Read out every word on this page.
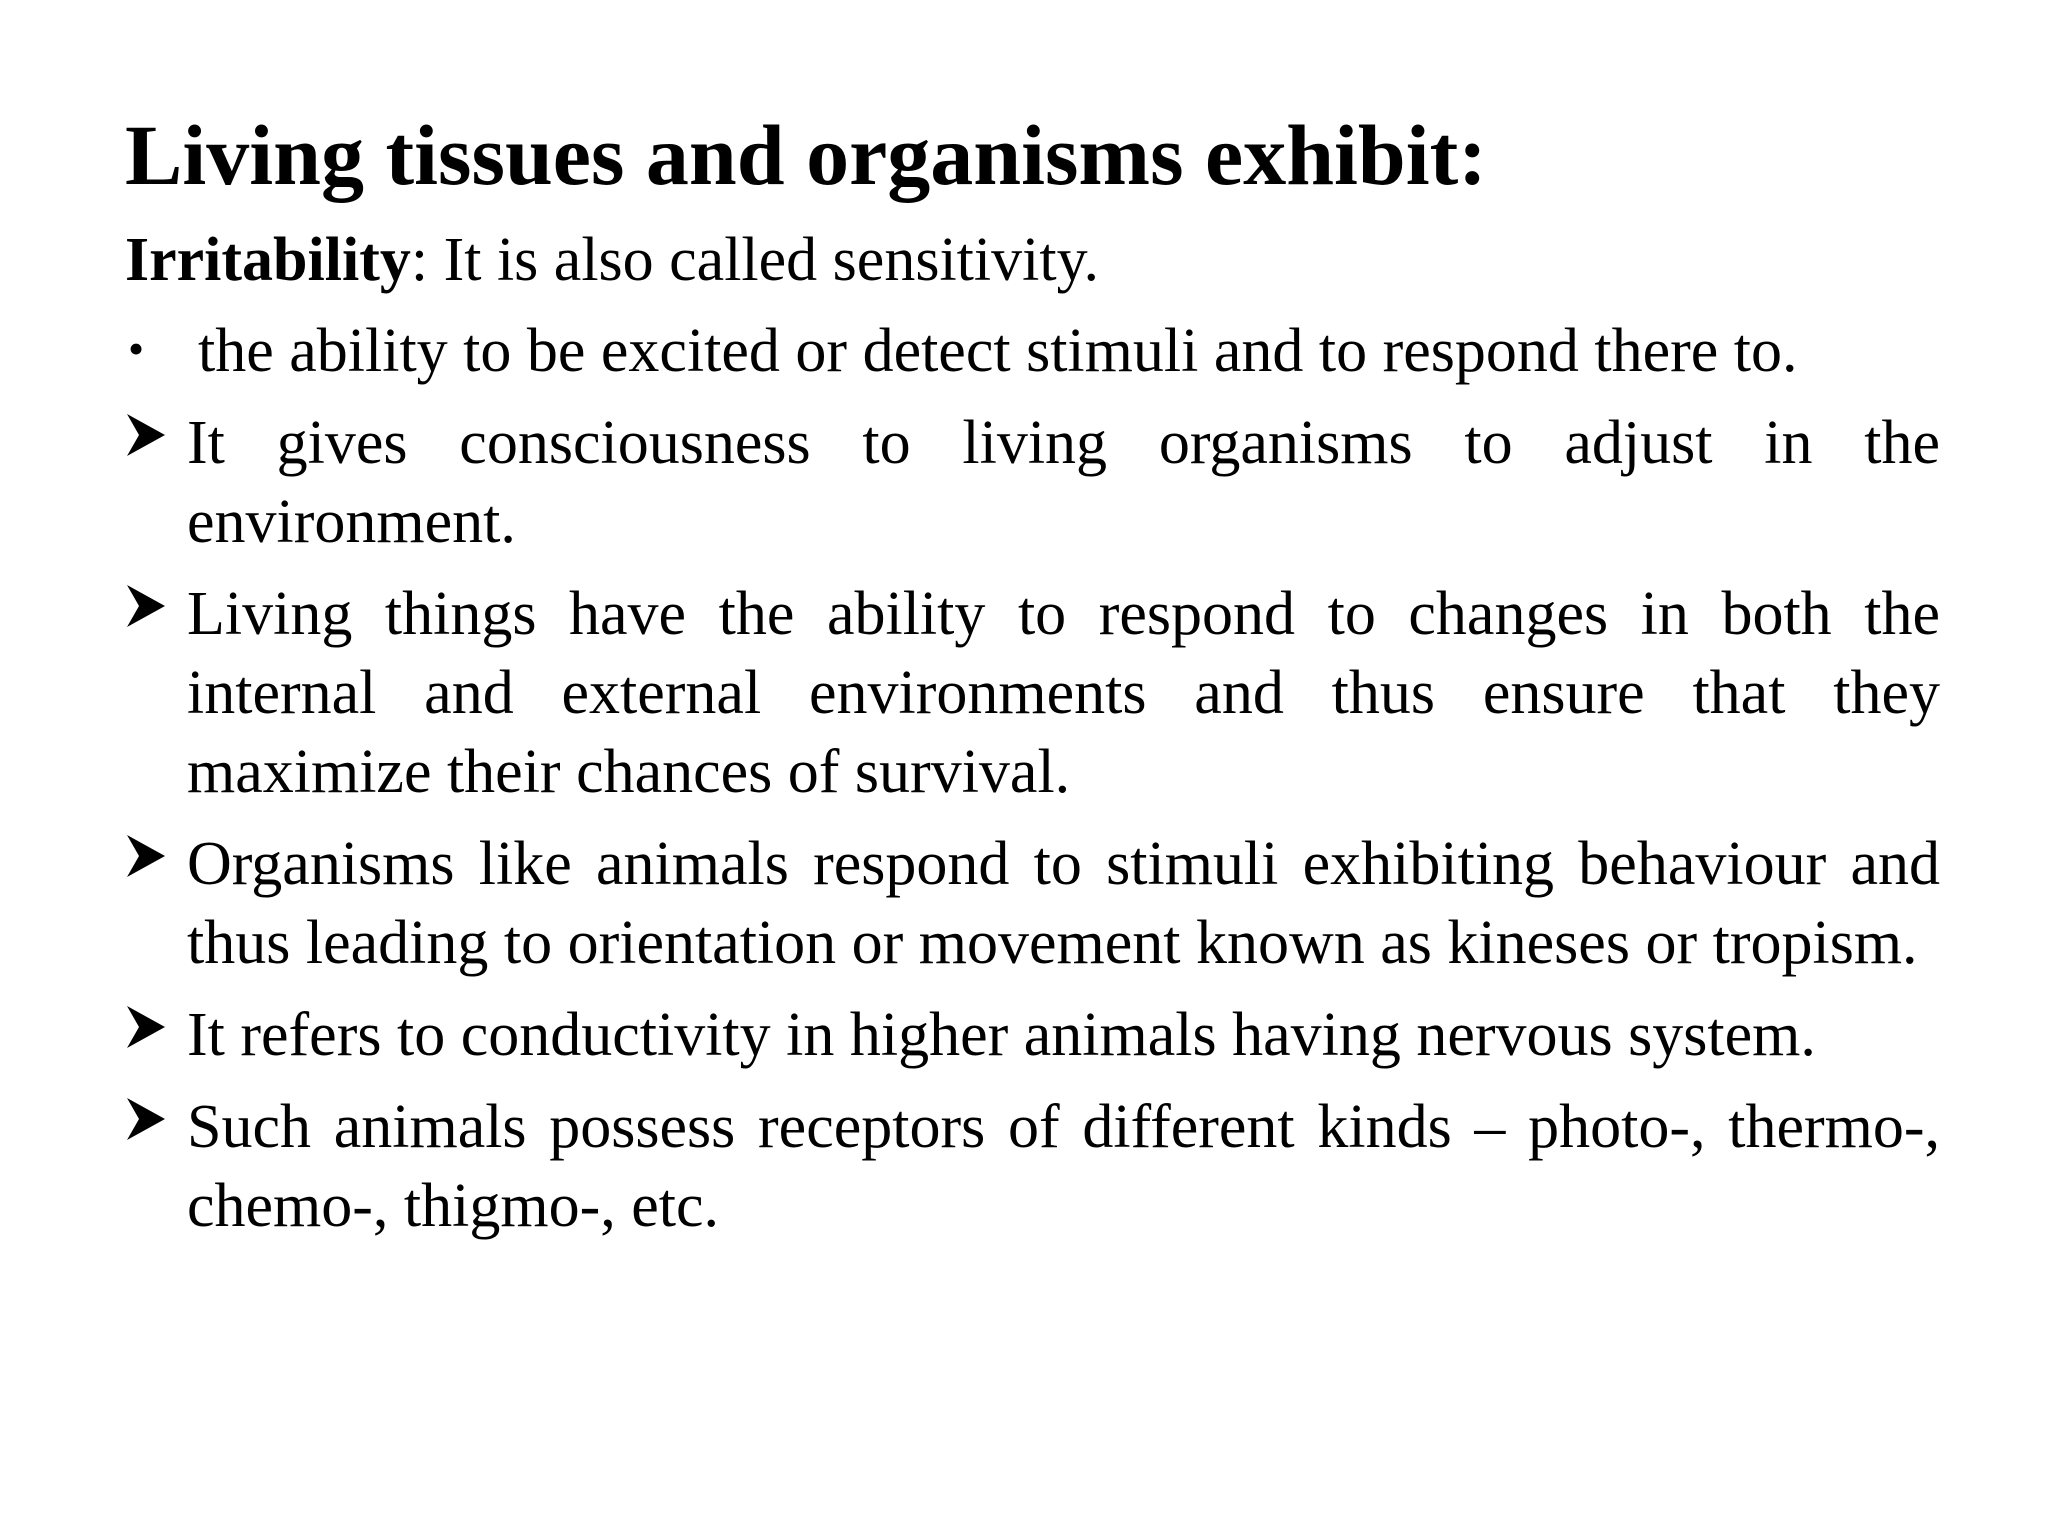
Living tissues and organisms exhibit:
Irritability: It is also called sensitivity.
• the ability to be excited or detect stimuli and to respond there to.
It gives consciousness to living organisms to adjust in the environment.
Living things have the ability to respond to changes in both the internal and external environments and thus ensure that they maximize their chances of survival.
Organisms like animals respond to stimuli exhibiting behaviour and thus leading to orientation or movement known as kineses or tropism.
It refers to conductivity in higher animals having nervous system.
Such animals possess receptors of different kinds – photo-, thermo-, chemo-, thigmo-, etc.
